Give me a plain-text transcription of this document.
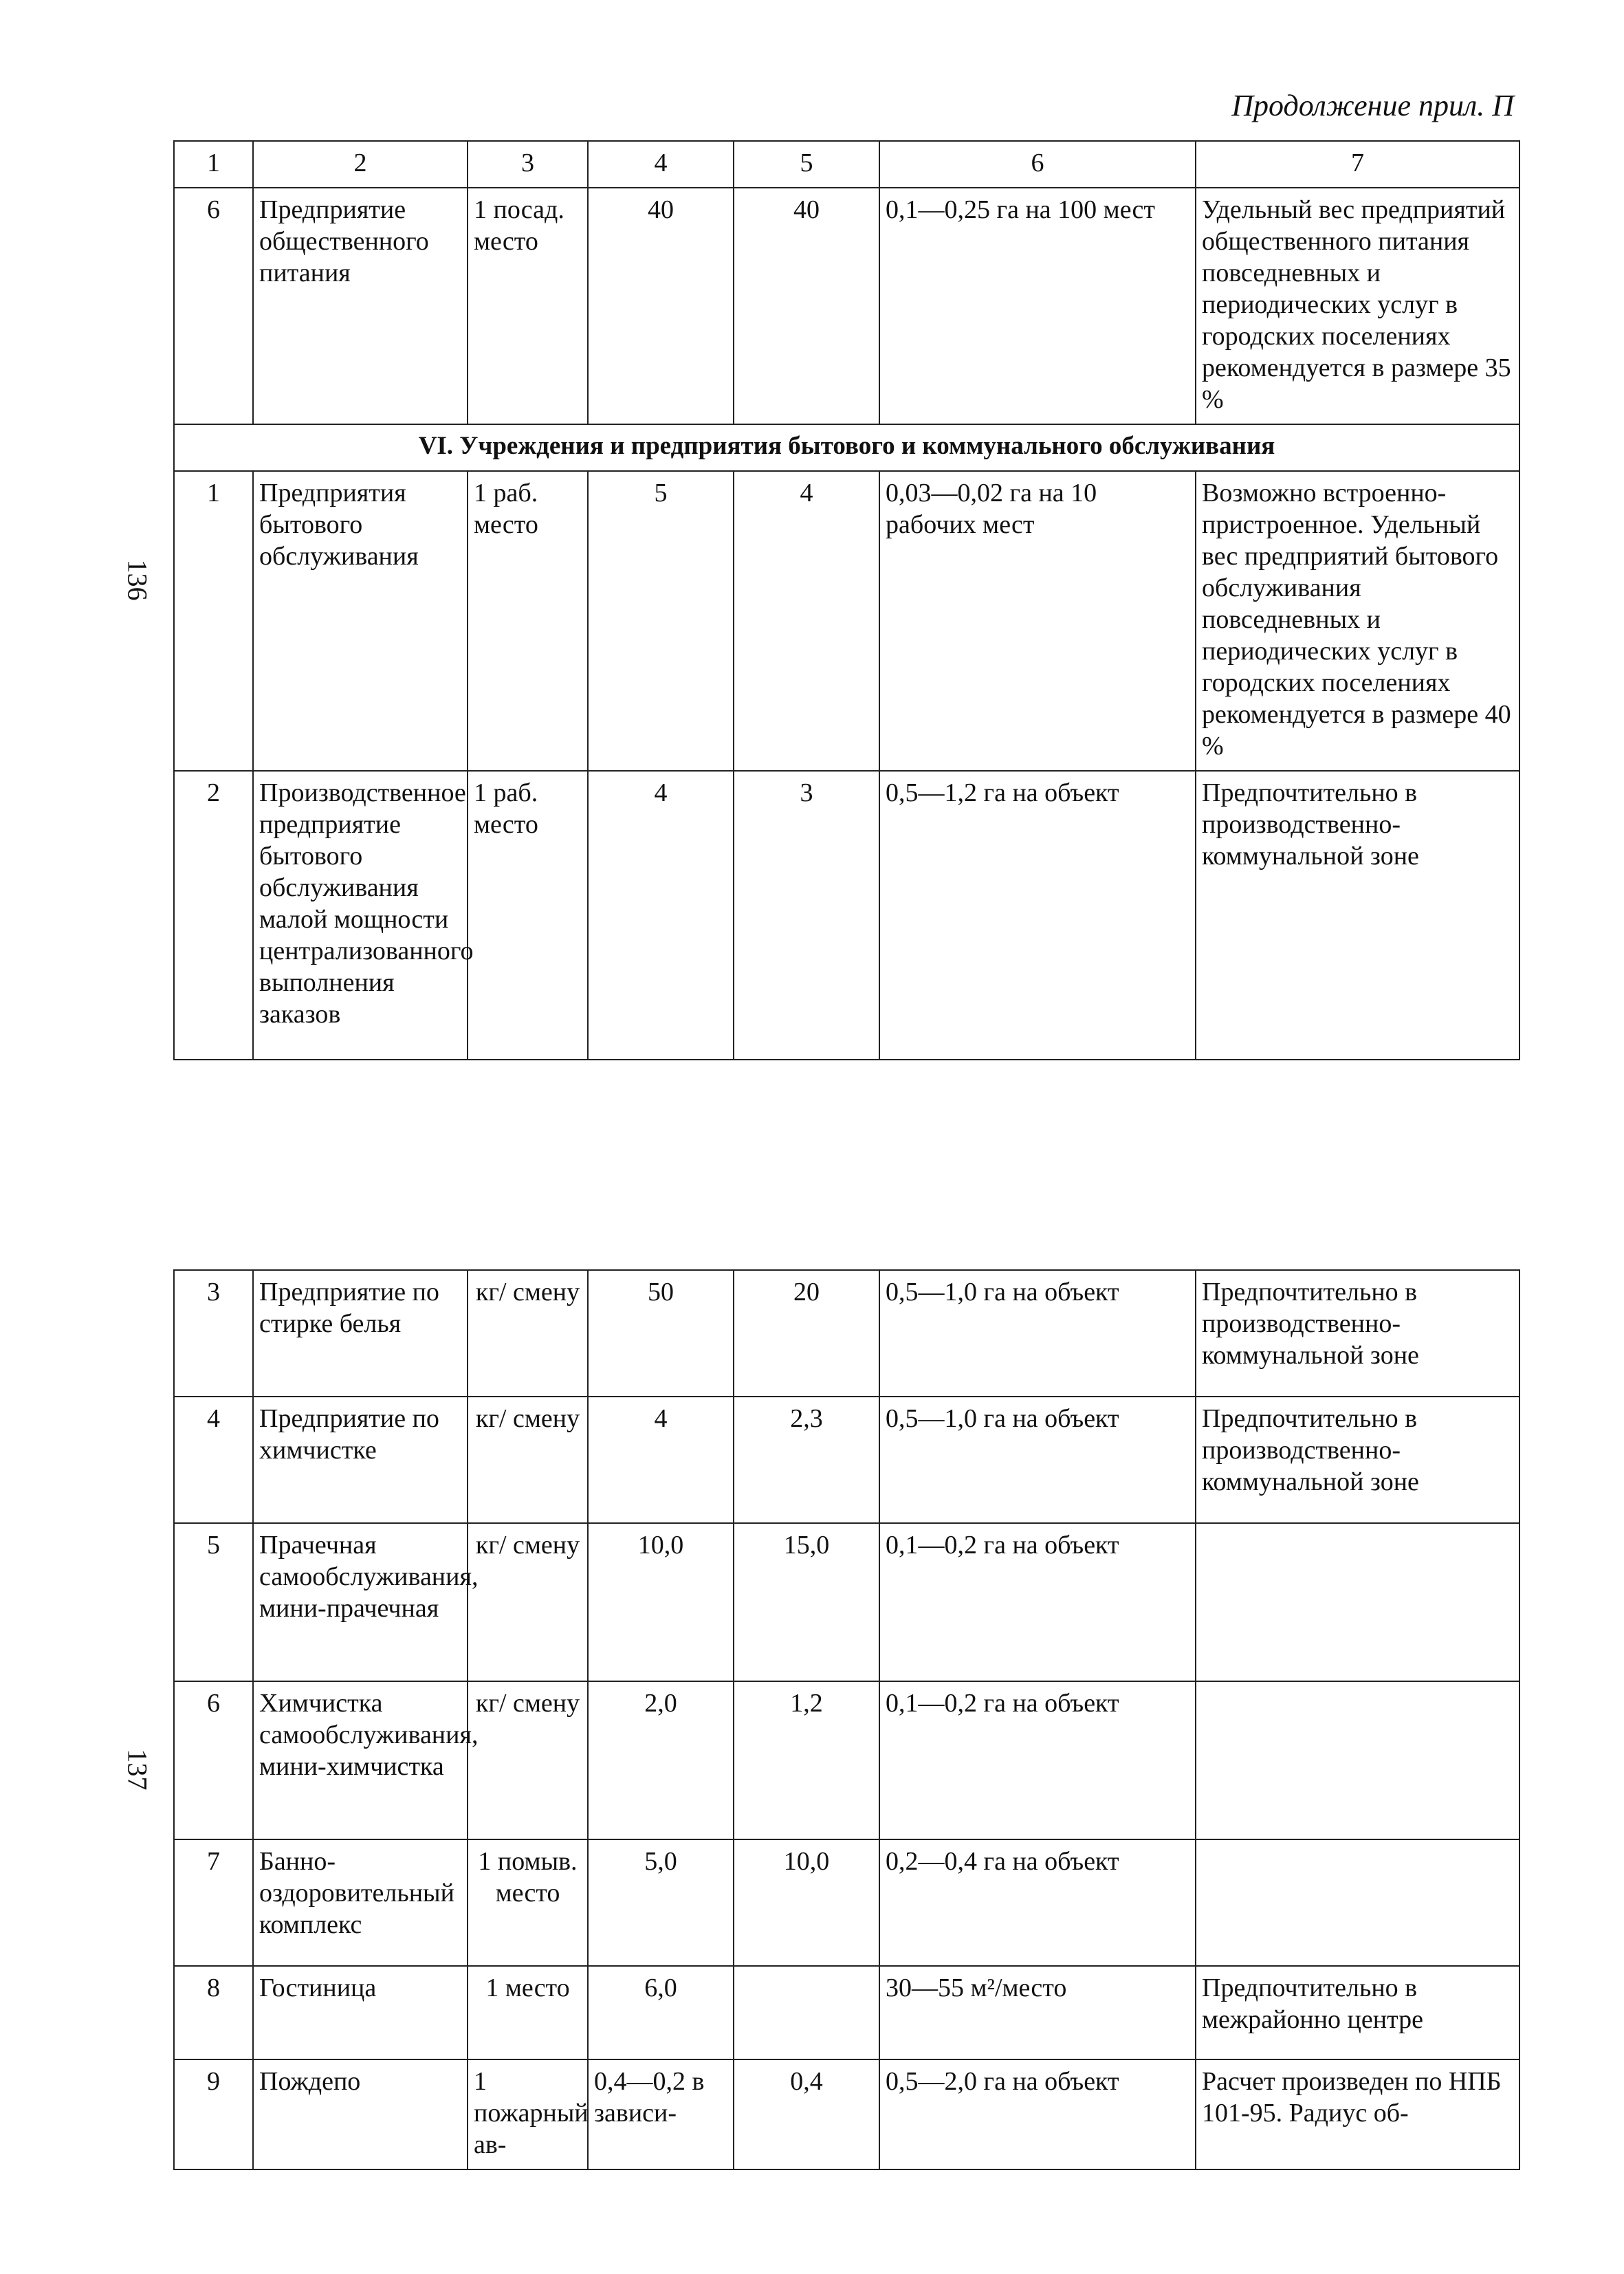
Продолжение прил. П
136
137
1	2	3	4	5	6	7
6	Предприятие общественного питания	1 посад. место	40	40	0,1—0,25 га на 100 мест	Удельный вес предприятий общественного питания повседневных и периодических услуг в городских поселениях рекомендуется в размере 35 %
VI. Учреждения и предприятия бытового и коммунального обслуживания						
1	Предприятия бытового обслуживания	1 раб. место	5	4	0,03—0,02 га на 10 рабочих мест	Возможно встроенно-пристроенное. Удельный вес предприятий бытового обслуживания повседневных и периодических услуг в городских поселениях рекомендуется в размере 40 %
2	Производственное предприятие бытового обслуживания малой мощности централизованного выполнения заказов	1 раб. место	4	3	0,5—1,2 га на объект	Предпочтительно в производственно-коммунальной зоне
3	Предприятие по стирке белья	кг/ смену	50	20	0,5—1,0 га на объект	Предпочтительно в производственно-коммунальной зоне
4	Предприятие по химчистке	кг/ смену	4	2,3	0,5—1,0 га на объект	Предпочтительно в производственно-коммунальной зоне
5	Прачечная самообслуживания, мини-прачечная	кг/ смену	10,0	15,0	0,1—0,2 га на объект	
6	Химчистка самообслуживания, мини-химчистка	кг/ смену	2,0	1,2	0,1—0,2 га на объект	
7	Банно-оздоровительный комплекс	1 помыв. место	5,0	10,0	0,2—0,4 га на объект	
8	Гостиница	1 место	6,0		30—55 м²/место	Предпочтительно в межрайонно центре
9	Пождепо	1 пожарный ав-	0,4—0,2 в зависи-	0,4	0,5—2,0 га на объект	Расчет произведен по НПБ 101-95. Радиус об-
